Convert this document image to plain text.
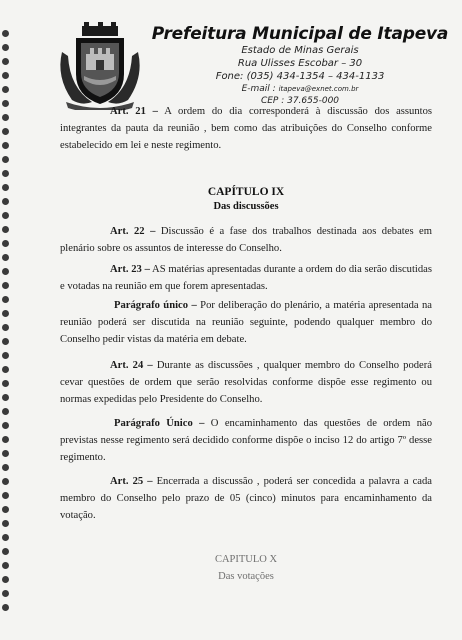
Prefeitura Municipal de Itapeva
Estado de Minas Gerais
Rua Ulisses Escobar – 30
Fone: (035) 434-1354 – 434-1133
E-mail : itapeva@exnet.com.br
CEP : 37.655-000

Art. 21 – A ordem do dia corresponderá à discussão dos assuntos integrantes da pauta da reunião , bem como das atribuições do Conselho conforme estabelecido em lei e neste regimento.

CAPÍTULO IX
Das discussões

Art. 22 – Discussão é a fase dos trabalhos destinada aos debates em plenário sobre os assuntos de interesse do Conselho.

Art. 23 – AS matérias apresentadas durante a ordem do dia serão discutidas e votadas na reunião em que forem apresentadas.

Parágrafo único – Por deliberação do plenário, a matéria apresentada na reunião poderá ser discutida na reunião seguinte, podendo qualquer membro do Conselho pedir vistas da matéria em debate.

Art. 24 – Durante as discussões , qualquer membro do Conselho poderá cevar questões de ordem que serão resolvidas conforme dispõe esse regimento ou normas expedidas pelo Presidente do Conselho.

Parágrafo Único – O encaminhamento das questões de ordem não previstas nesse regimento será decidido conforme dispõe o inciso 12 do artigo 7º desse regimento.

Art. 25 – Encerrada a discussão , poderá ser concedida a palavra a cada membro do Conselho pelo prazo de 05 (cinco) minutos para encaminhamento da votação.

CAPITULO X
Das votações
